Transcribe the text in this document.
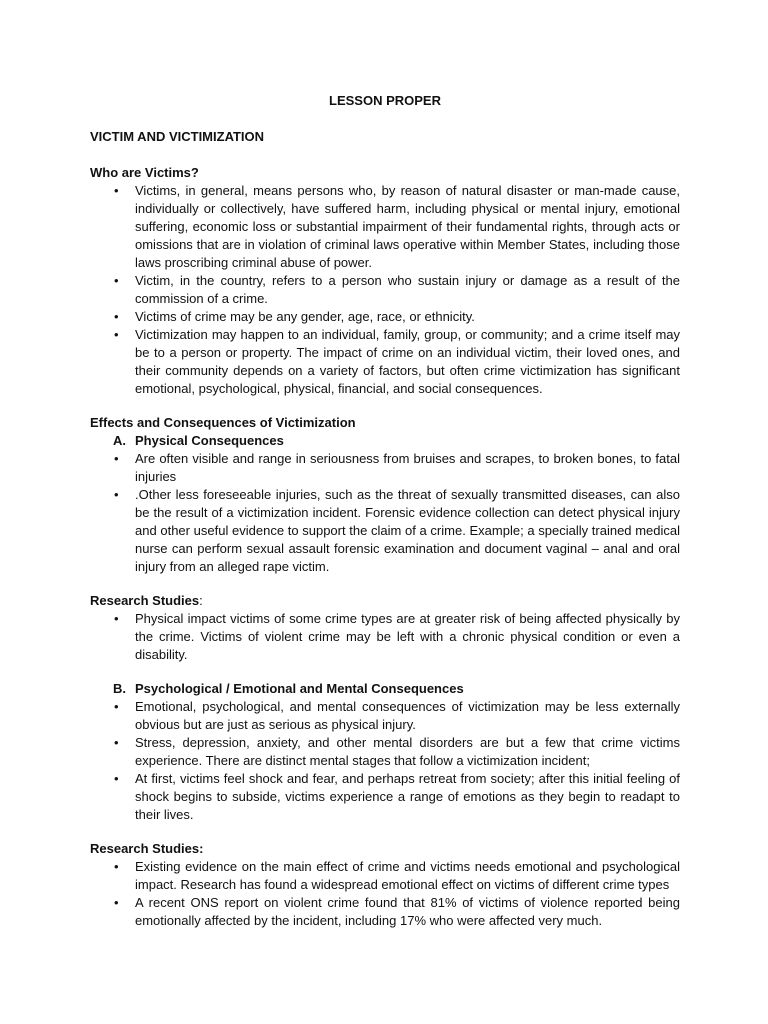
LESSON PROPER
VICTIM AND VICTIMIZATION
Who are Victims?
• Victims, in general, means persons who, by reason of natural disaster or man-made cause, individually or collectively, have suffered harm, including physical or mental injury, emotional suffering, economic loss or substantial impairment of their fundamental rights, through acts or omissions that are in violation of criminal laws operative within Member States, including those laws proscribing criminal abuse of power.
• Victim, in the country, refers to a person who sustain injury or damage as a result of the commission of a crime.
• Victims of crime may be any gender, age, race, or ethnicity.
• Victimization may happen to an individual, family, group, or community; and a crime itself may be to a person or property. The impact of crime on an individual victim, their loved ones, and their community depends on a variety of factors, but often crime victimization has significant emotional, psychological, physical, financial, and social consequences.
Effects and Consequences of Victimization
A. Physical Consequences
• Are often visible and range in seriousness from bruises and scrapes, to broken bones, to fatal injuries
• .Other less foreseeable injuries, such as the threat of sexually transmitted diseases, can also be the result of a victimization incident. Forensic evidence collection can detect physical injury and other useful evidence to support the claim of a crime. Example; a specially trained medical nurse can perform sexual assault forensic examination and document vaginal – anal and oral injury from an alleged rape victim.
Research Studies:
• Physical impact victims of some crime types are at greater risk of being affected physically by the crime. Victims of violent crime may be left with a chronic physical condition or even a disability.
B. Psychological / Emotional and Mental Consequences
• Emotional, psychological, and mental consequences of victimization may be less externally obvious but are just as serious as physical injury.
• Stress, depression, anxiety, and other mental disorders are but a few that crime victims experience. There are distinct mental stages that follow a victimization incident;
• At first, victims feel shock and fear, and perhaps retreat from society; after this initial feeling of shock begins to subside, victims experience a range of emotions as they begin to readapt to their lives.
Research Studies:
• Existing evidence on the main effect of crime and victims needs emotional and psychological impact. Research has found a widespread emotional effect on victims of different crime types
• A recent ONS report on violent crime found that 81% of victims of violence reported being emotionally affected by the incident, including 17% who were affected very much.
